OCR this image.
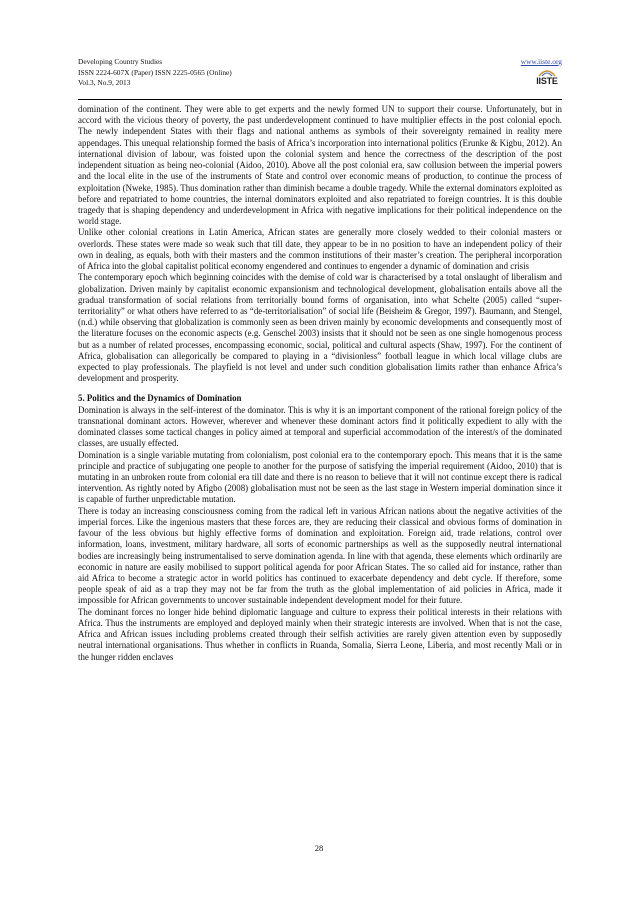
Developing Country Studies
ISSN 2224-607X (Paper) ISSN 2225-0565 (Online)
Vol.3, No.9, 2013
www.iiste.org
IISTE

domination of the continent. They were able to get experts and the newly formed UN to support their course. Unfortunately, but in accord with the vicious theory of poverty, the past underdevelopment continued to have multiplier effects in the post colonial epoch. The newly independent States with their flags and national anthems as symbols of their sovereignty remained in reality mere appendages. This unequal relationship formed the basis of Africa’s incorporation into international politics (Erunke & Kigbu, 2012). An international division of labour, was foisted upon the colonial system and hence the correctness of the description of the post independent situation as being neo-colonial (Aidoo, 2010). Above all the post colonial era, saw collusion between the imperial powers and the local elite in the use of the instruments of State and control over economic means of production, to continue the process of exploitation (Nweke, 1985). Thus domination rather than diminish became a double tragedy. While the external dominators exploited as before and repatriated to home countries, the internal dominators exploited and also repatriated to foreign countries. It is this double tragedy that is shaping dependency and underdevelopment in Africa with negative implications for their political independence on the world stage.

Unlike other colonial creations in Latin America, African states are generally more closely wedded to their colonial masters or overlords. These states were made so weak such that till date, they appear to be in no position to have an independent policy of their own in dealing, as equals, both with their masters and the common institutions of their master’s creation. The peripheral incorporation of Africa into the global capitalist political economy engendered and continues to engender a dynamic of domination and crisis

The contemporary epoch which beginning coincides with the demise of cold war is characterised by a total onslaught of liberalism and globalization. Driven mainly by capitalist economic expansionism and technological development, globalisation entails above all the gradual transformation of social relations from territorially bound forms of organisation, into what Schelte (2005) called “super-territoriality” or what others have referred to as “de-territorialisation” of social life (Beisheim & Gregor, 1997). Baumann, and Stengel, (n.d.) while observing that globalization is commonly seen as been driven mainly by economic developments and consequently most of the literature focuses on the economic aspects (e.g. Genschel 2003) insists that it should not be seen as one single homogenous process but as a number of related processes, encompassing economic, social, political and cultural aspects (Shaw, 1997). For the continent of Africa, globalisation can allegorically be compared to playing in a “divisionless” football league in which local village clubs are expected to play professionals. The playfield is not level and under such condition globalisation limits rather than enhance Africa’s development and prosperity.

5. Politics and the Dynamics of Domination

Domination is always in the self-interest of the dominator. This is why it is an important component of the rational foreign policy of the transnational dominant actors. However, wherever and whenever these dominant actors find it politically expedient to ally with the dominated classes some tactical changes in policy aimed at temporal and superficial accommodation of the interest/s of the dominated classes, are usually effected.

Domination is a single variable mutating from colonialism, post colonial era to the contemporary epoch. This means that it is the same principle and practice of subjugating one people to another for the purpose of satisfying the imperial requirement (Aidoo, 2010) that is mutating in an unbroken route from colonial era till date and there is no reason to believe that it will not continue except there is radical intervention. As rightly noted by Afigbo (2008) globalisation must not be seen as the last stage in Western imperial domination since it is capable of further unpredictable mutation.

There is today an increasing consciousness coming from the radical left in various African nations about the negative activities of the imperial forces. Like the ingenious masters that these forces are, they are reducing their classical and obvious forms of domination in favour of the less obvious but highly effective forms of domination and exploitation. Foreign aid, trade relations, control over information, loans, investment, military hardware, all sorts of economic partnerships as well as the supposedly neutral international bodies are increasingly being instrumentalised to serve domination agenda. In line with that agenda, these elements which ordinarily are economic in nature are easily mobilised to support political agenda for poor African States. The so called aid for instance, rather than aid Africa to become a strategic actor in world politics has continued to exacerbate dependency and debt cycle. If therefore, some people speak of aid as a trap they may not be far from the truth as the global implementation of aid policies in Africa, made it impossible for African governments to uncover sustainable independent development model for their future.

The dominant forces no longer hide behind diplomatic language and culture to express their political interests in their relations with Africa. Thus the instruments are employed and deployed mainly when their strategic interests are involved. When that is not the case, Africa and African issues including problems created through their selfish activities are rarely given attention even by supposedly neutral international organisations. Thus whether in conflicts in Ruanda, Somalia, Sierra Leone, Liberia, and most recently Mali or in the hunger ridden enclaves

28
